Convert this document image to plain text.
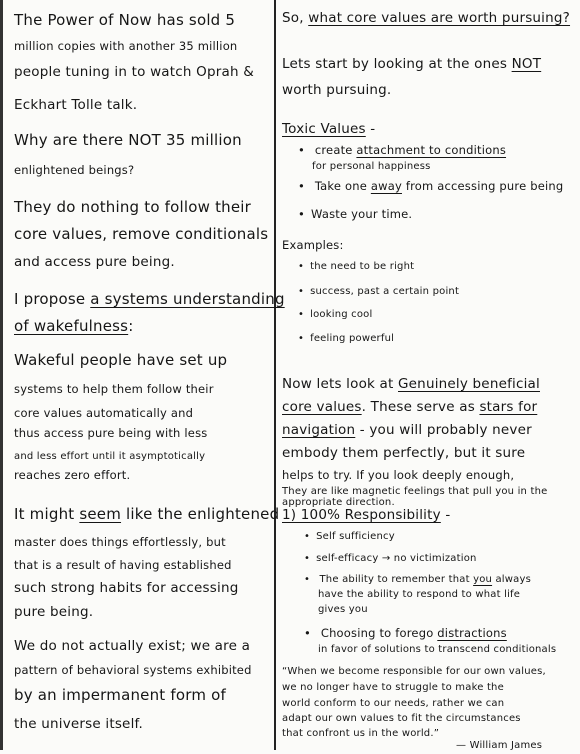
The Power of Now has sold 5
million copies with another 35 million
people tuning in to watch Oprah &
Eckhart Tolle talk.
Why are there NOT 35 million
enlightened beings?
They do nothing to follow their
core values, remove conditionals
and access pure being.
I propose a systems understanding
of wakefulness:
Wakeful people have set up
systems to help them follow their
core values automatically and
thus access pure being with less
and less effort until it asymptotically
reaches zero effort.
It might seem like the enlightened
master does things effortlessly, but
that is a result of having established
such strong habits for accessing
pure being.
We do not actually exist; we are a
pattern of behavioral systems exhibited
by an impermanent form of
the universe itself.
So, what core values are worth pursuing?
Lets start by looking at the ones NOT
worth pursuing.
Toxic Values -
• create attachment to conditions
for personal happiness
• Take one away from accessing pure being
• Waste your time.
Examples:
• the need to be right
• success, past a certain point
• looking cool
• feeling powerful
Now lets look at Genuinely beneficial
core values. These serve as stars for
navigation - you will probably never
embody them perfectly, but it sure
helps to try. If you look deeply enough,
They are like magnetic feelings that pull you in the
appropriate direction.
1) 100% Responsibility -
• Self sufficiency
• self-efficacy → no victimization
• The ability to remember that you always
have the ability to respond to what life
gives you
• Choosing to forego distractions
in favor of solutions to transcend conditionals
“When we become responsible for our own values,
we no longer have to struggle to make the
world conform to our needs, rather we can
adapt our own values to fit the circumstances
that confront us in the world.”
— William James
